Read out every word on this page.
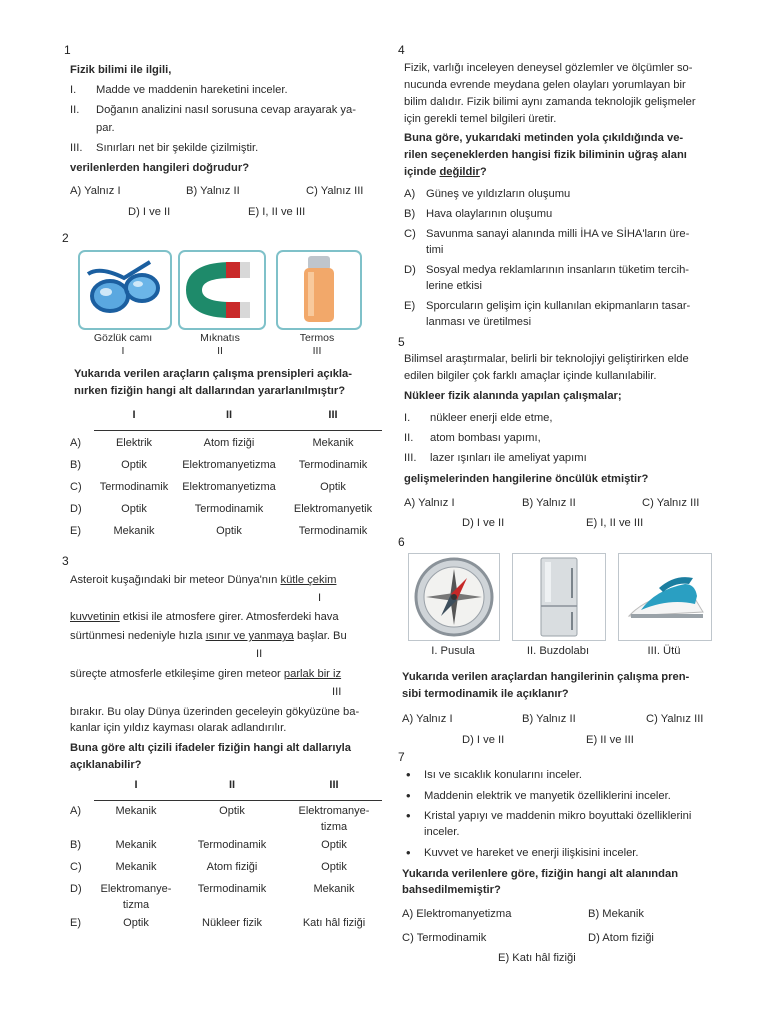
1
Fizik bilimi ile ilgili,
I. Madde ve maddenin hareketini inceler.
II. Doğanın analizini nasıl sorusuna cevap arayarak ya-
par.
III. Sınırları net bir şekilde çizilmiştir.
verilenlerden hangileri doğrudur?
A) Yalnız I	B) Yalnız II	C) Yalnız III
D) I ve II	E) I, II ve III
2
Gözlük camı
I
Mıknatıs
II
Termos
III
Yukarıda verilen araçların çalışma prensipleri açıkla-
nırken fiziğin hangi alt dallarından yararlanılmıştır?
	I	II	III

A)	Elektrik	Atom fiziği	Mekanik
B)	Optik	Elektromanyetizma	Termodinamik
C)	Termodinamik	Elektromanyetizma	Optik
D)	Optik	Termodinamik	Elektromanyetik
E)	Mekanik	Optik	Termodinamik
3
Asteroit kuşağındaki bir meteor Dünya'nın kütle çekim
I
kuvvetinin etkisi ile atmosfere girer. Atmosferdeki hava
sürtünmesi nedeniyle hızla ısınır ve yanmaya başlar. Bu
II
süreçte atmosferle etkileşime giren meteor parlak bir iz
III
bırakır. Bu olay Dünya üzerinden geceleyin gökyüzüne ba-
kanlar için yıldız kayması olarak adlandırılır.
Buna göre altı çizili ifadeler fiziğin hangi alt dallarıyla
açıklanabilir?
	I	II	III

A)	Mekanik	Optik	Elektromanye-
tizma

B)	Mekanik	Termodinamik	Optik
C)	Mekanik	Atom fiziği	Optik
D)	Elektromanye-
tizma	Termodinamik	Mekanik

E)	Optik	Nükleer fizik	Katı hâl fiziği
4
Fizik, varlığı inceleyen deneysel gözlemler ve ölçümler so-
nucunda evrende meydana gelen olayları yorumlayan bir
bilim dalıdır. Fizik bilimi aynı zamanda teknolojik gelişmeler
için gerekli temel bilgileri üretir.
Buna göre, yukarıdaki metinden yola çıkıldığında ve-
rilen seçeneklerden hangisi fizik biliminin uğraş alanı
içinde değildir?
A) Güneş ve yıldızların oluşumu
B) Hava olaylarının oluşumu
C) Savunma sanayi alanında milli İHA ve SİHA'ların üre-
timi
D) Sosyal medya reklamlarının insanların tüketim tercih-
lerine etkisi
E) Sporcuların gelişim için kullanılan ekipmanların tasar-
lanması ve üretilmesi
5
Bilimsel araştırmalar, belirli bir teknolojiyi geliştirirken elde
edilen bilgiler çok farklı amaçlar içinde kullanılabilir.
Nükleer fizik alanında yapılan çalışmalar;
I. nükleer enerji elde etme,
II. atom bombası yapımı,
III. lazer ışınları ile ameliyat yapımı
gelişmelerinden hangilerine öncülük etmiştir?
A) Yalnız I	B) Yalnız II	C) Yalnız III
D) I ve II	E) I, II ve III
6
I. Pusula	II. Buzdolabı	III. Ütü
Yukarıda verilen araçlardan hangilerinin çalışma pren-
sibi termodinamik ile açıklanır?
A) Yalnız I	B) Yalnız II	C) Yalnız III
D) I ve II	E) II ve III
7
• Isı ve sıcaklık konularını inceler.
• Maddenin elektrik ve manyetik özelliklerini inceler.
• Kristal yapıyı ve maddenin mikro boyuttaki özelliklerini
inceler.
• Kuvvet ve hareket ve enerji ilişkisini inceler.
Yukarıda verilenlere göre, fiziğin hangi alt alanından
bahsedilmemiştir?
A) Elektromanyetizma	B) Mekanik
C) Termodinamik	D) Atom fiziği
E) Katı hâl fiziği
